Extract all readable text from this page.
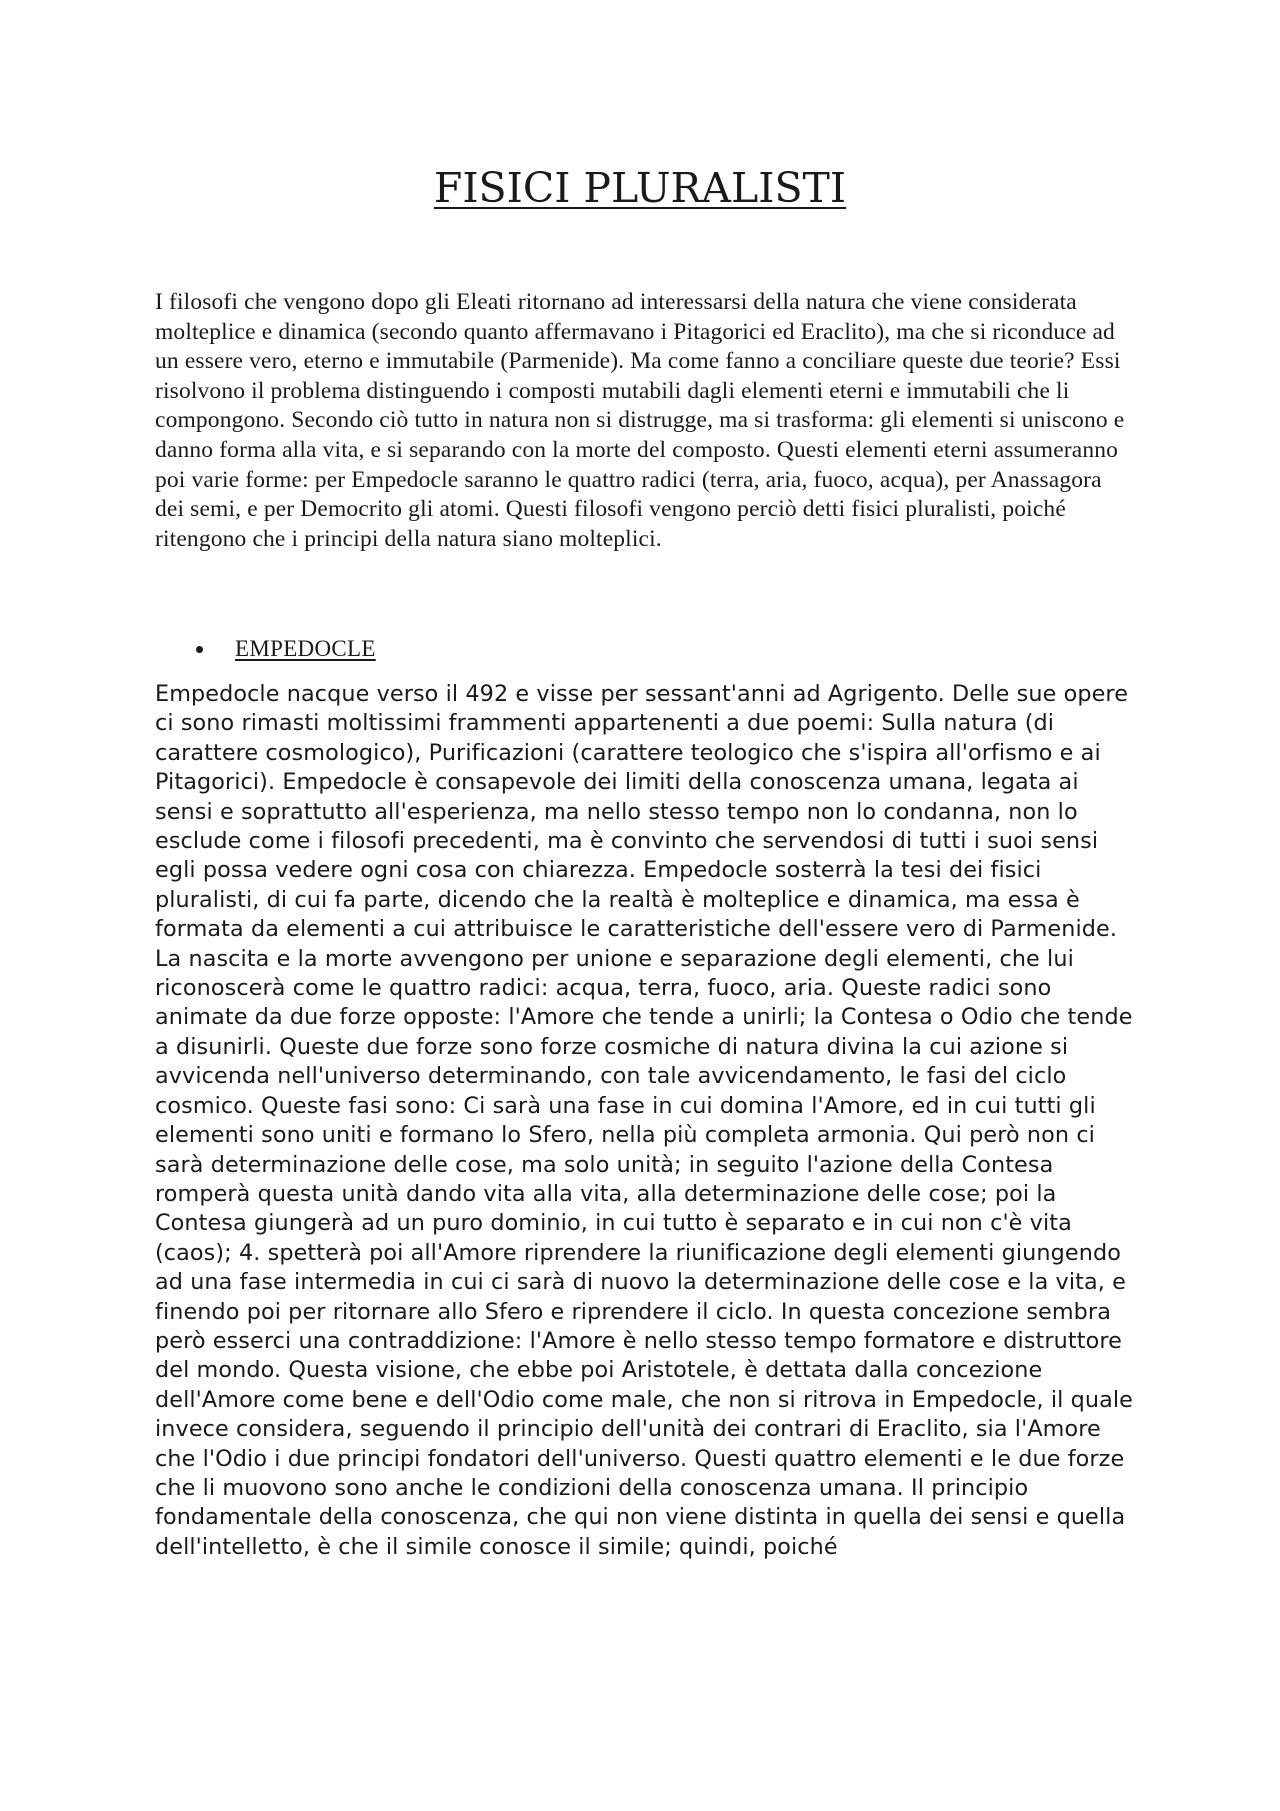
FISICI PLURALISTI

I filosofi che vengono dopo gli Eleati ritornano ad interessarsi della natura che viene considerata molteplice e dinamica (secondo quanto affermavano i Pitagorici ed Eraclito), ma che si riconduce ad un essere vero, eterno e immutabile (Parmenide). Ma come fanno a conciliare queste due teorie? Essi risolvono il problema distinguendo i composti mutabili dagli elementi eterni e immutabili che li compongono. Secondo ciò tutto in natura non si distrugge, ma si trasforma: gli elementi si uniscono e danno forma alla vita, e si separando con la morte del composto. Questi elementi eterni assumeranno poi varie forme: per Empedocle saranno le quattro radici (terra, aria, fuoco, acqua), per Anassagora dei semi, e per Democrito gli atomi. Questi filosofi vengono perciò detti fisici pluralisti, poiché ritengono che i principi della natura siano molteplici.

EMPEDOCLE

Empedocle nacque verso il 492 e visse per sessant'anni ad Agrigento. Delle sue opere ci sono rimasti moltissimi frammenti appartenenti a due poemi: Sulla natura (di carattere cosmologico), Purificazioni (carattere teologico che s'ispira all'orfismo e ai Pitagorici). Empedocle è consapevole dei limiti della conoscenza umana, legata ai sensi e soprattutto all'esperienza, ma nello stesso tempo non lo condanna, non lo esclude come i filosofi precedenti, ma è convinto che servendosi di tutti i suoi sensi egli possa vedere ogni cosa con chiarezza. Empedocle sosterrà la tesi dei fisici pluralisti, di cui fa parte, dicendo che la realtà è molteplice e dinamica, ma essa è formata da elementi a cui attribuisce le caratteristiche dell'essere vero di Parmenide. La nascita e la morte avvengono per unione e separazione degli elementi, che lui riconoscerà come le quattro radici: acqua, terra, fuoco, aria. Queste radici sono animate da due forze opposte: l'Amore che tende a unirli; la Contesa o Odio che tende a disunirli. Queste due forze sono forze cosmiche di natura divina la cui azione si avvicenda nell'universo determinando, con tale avvicendamento, le fasi del ciclo cosmico. Queste fasi sono: Ci sarà una fase in cui domina l'Amore, ed in cui tutti gli elementi sono uniti e formano lo Sfero, nella più completa armonia. Qui però non ci sarà determinazione delle cose, ma solo unità; in seguito l'azione della Contesa romperà questa unità dando vita alla vita, alla determinazione delle cose; poi la Contesa giungerà ad un puro dominio, in cui tutto è separato e in cui non c'è vita (caos); 4. spetterà poi all'Amore riprendere la riunificazione degli elementi giungendo ad una fase intermedia in cui ci sarà di nuovo la determinazione delle cose e la vita, e finendo poi per ritornare allo Sfero e riprendere il ciclo. In questa concezione sembra però esserci una contraddizione: l'Amore è nello stesso tempo formatore e distruttore del mondo. Questa visione, che ebbe poi Aristotele, è dettata dalla concezione dell'Amore come bene e dell'Odio come male, che non si ritrova in Empedocle, il quale invece considera, seguendo il principio dell'unità dei contrari di Eraclito, sia l'Amore che l'Odio i due principi fondatori dell'universo. Questi quattro elementi e le due forze che li muovono sono anche le condizioni della conoscenza umana. Il principio fondamentale della conoscenza, che qui non viene distinta in quella dei sensi e quella dell'intelletto, è che il simile conosce il simile; quindi, poiché
